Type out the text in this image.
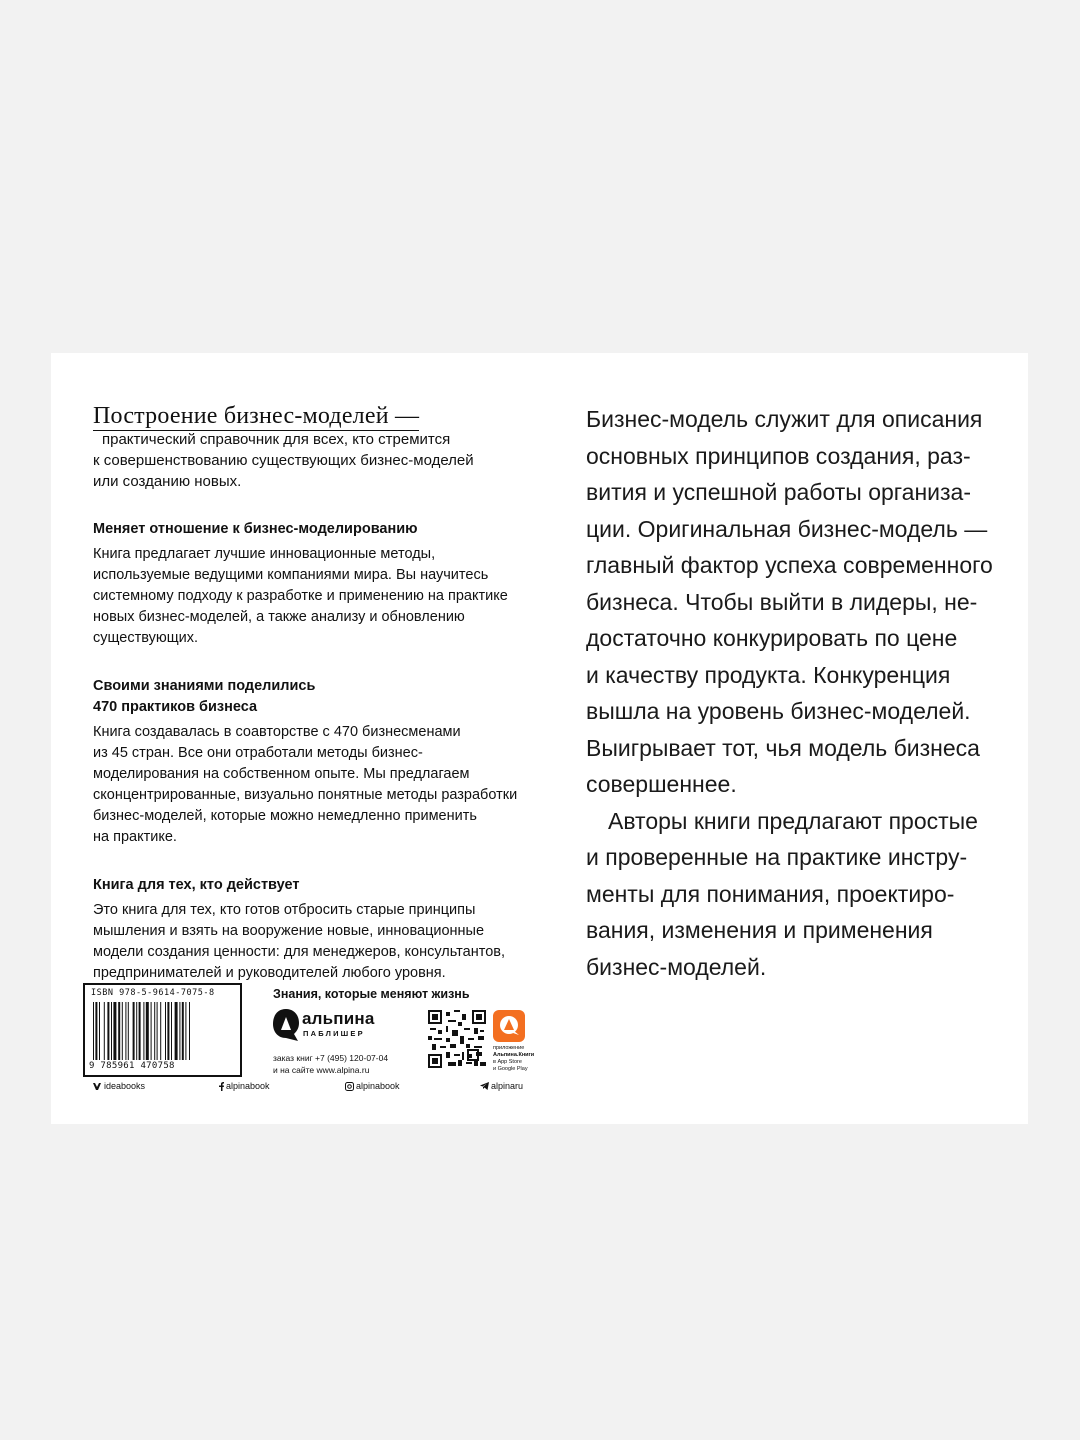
Построение бизнес-моделей —

практический справочник для всех, кто стремится
к совершенствованию существующих бизнес-моделей
или созданию новых.
Меняет отношение к бизнес-моделированию
Книга предлагает лучшие инновационные методы,
используемые ведущими компаниями мира. Вы научитесь
системному подходу к разработке и применению на практике
новых бизнес-моделей, а также анализу и обновлению
существующих.
Своими знаниями поделились
470 практиков бизнеса
Книга создавалась в соавторстве с 470 бизнесменами
из 45 стран. Все они отработали методы бизнес-
моделирования на собственном опыте. Мы предлагаем
сконцентрированные, визуально понятные методы разработки
бизнес-моделей, которые можно немедленно применить
на практике.
Книга для тех, кто действует
Это книга для тех, кто готов отбросить старые принципы
мышления и взять на вооружение новые, инновационные
модели создания ценности: для менеджеров, консультантов,
предпринимателей и руководителей любого уровня.
Бизнес-модель служит для описания
основных принципов создания, раз-
вития и успешной работы организа-
ции. Оригинальная бизнес-модель —
главный фактор успеха современного
бизнеса. Чтобы выйти в лидеры, не-
достаточно конкурировать по цене
и качеству продукта. Конкуренция
вышла на уровень бизнес-моделей.
Выигрывает тот, чья модель бизнеса
совершеннее.
Авторы книги предлагают простые
и проверенные на практике инстру-
менты для понимания, проектиро-
вания, изменения и применения
бизнес-моделей.
ISBN 978-5-9614-7075-8
9 785961 470758
Знания, которые меняют жизнь
альпина
ПАБЛИШЕР
заказ книг +7 (495) 120-07-04
и на сайте www.alpina.ru
приложение
Альпина.Книги
в App Store
и Google Play
ideabooks	alpinabook	alpinabook	alpinaru
